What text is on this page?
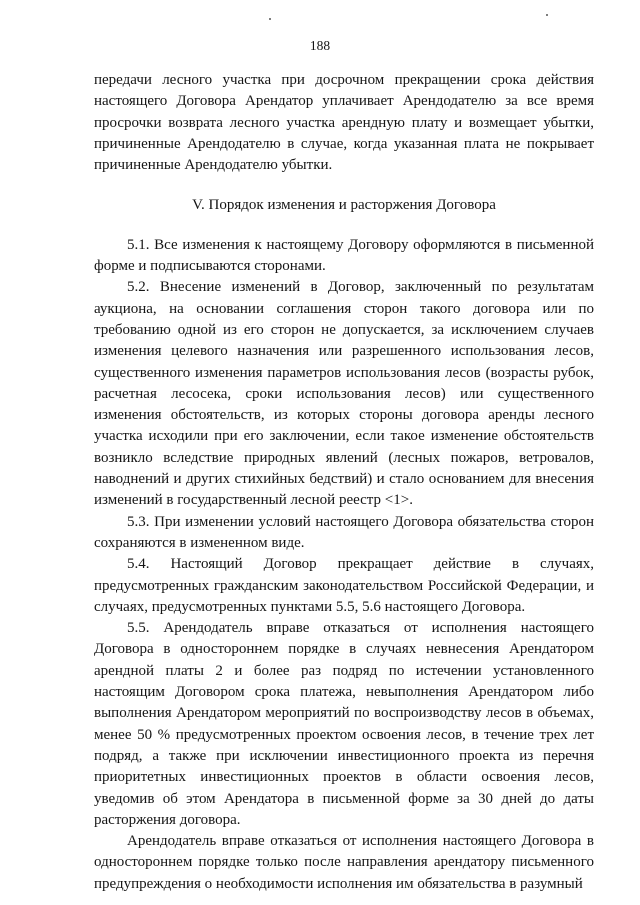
188

передачи лесного участка при досрочном прекращении срока действия настоящего Договора Арендатор уплачивает Арендодателю за все время просрочки возврата лесного участка арендную плату и возмещает убытки, причиненные Арендодателю в случае, когда указанная плата не покрывает причиненные Арендодателю убытки.

V. Порядок изменения и расторжения Договора

5.1. Все изменения к настоящему Договору оформляются в письменной форме и подписываются сторонами.

5.2. Внесение изменений в Договор, заключенный по результатам аукциона, на основании соглашения сторон такого договора или по требованию одной из его сторон не допускается, за исключением случаев изменения целевого назначения или разрешенного использования лесов, существенного изменения параметров использования лесов (возрасты рубок, расчетная лесосека, сроки использования лесов) или существенного изменения обстоятельств, из которых стороны договора аренды лесного участка исходили при его заключении, если такое изменение обстоятельств возникло вследствие природных явлений (лесных пожаров, ветровалов, наводнений и других стихийных бедствий) и стало основанием для внесения изменений в государственный лесной реестр <1>.

5.3. При изменении условий настоящего Договора обязательства сторон сохраняются в измененном виде.

5.4. Настоящий Договор прекращает действие в случаях, предусмотренных гражданским законодательством Российской Федерации, и случаях, предусмотренных пунктами 5.5, 5.6 настоящего Договора.

5.5. Арендодатель вправе отказаться от исполнения настоящего Договора в одностороннем порядке в случаях невнесения Арендатором арендной платы 2 и более раз подряд по истечении установленного настоящим Договором срока платежа, невыполнения Арендатором либо выполнения Арендатором мероприятий по воспроизводству лесов в объемах, менее 50 % предусмотренных проектом освоения лесов, в течение трех лет подряд, а также при исключении инвестиционного проекта из перечня приоритетных инвестиционных проектов в области освоения лесов, уведомив об этом Арендатора в письменной форме за 30 дней до даты расторжения договора.

Арендодатель вправе отказаться от исполнения настоящего Договора в одностороннем порядке только после направления арендатору письменного предупреждения о необходимости исполнения им обязательства в разумный
